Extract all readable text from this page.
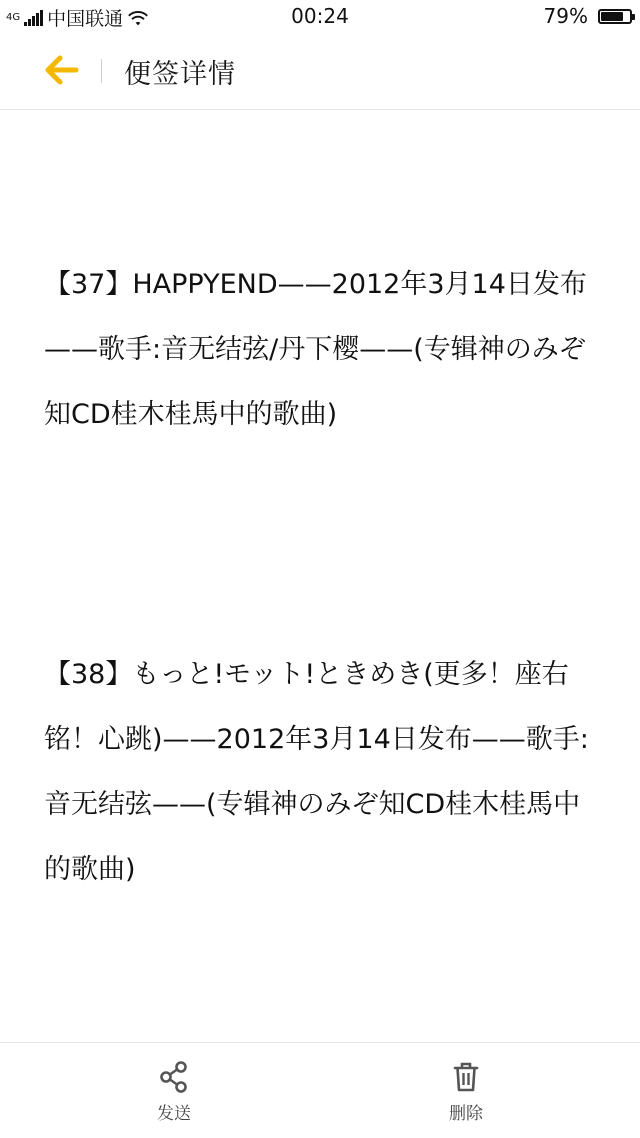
4G 中国联通	00:24	79%
便签详情

【37】HAPPYEND——2012年3月14日发布——歌手:音无结弦/丹下樱——(专辑神のみぞ知CD桂木桂馬中的歌曲)

【38】もっと!モット!ときめき(更多！座右铭！心跳)——2012年3月14日发布——歌手:音无结弦——(专辑神のみぞ知CD桂木桂馬中的歌曲)

发送	删除
